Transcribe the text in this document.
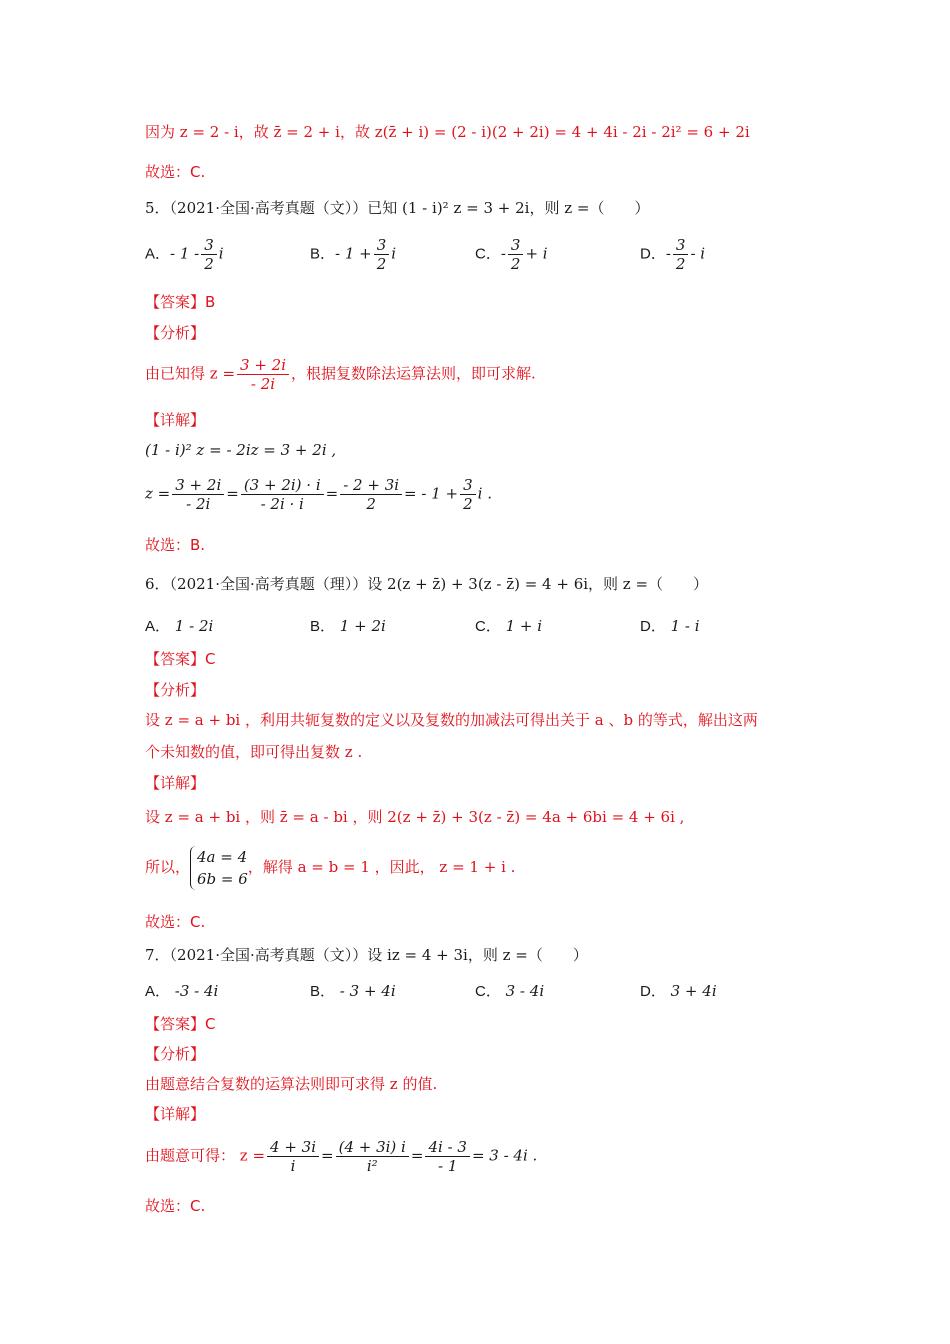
因为 z = 2 - i，故 z̄ = 2 + i，故 z(z̄ + i) = (2 - i)(2 + 2i) = 4 + 4i - 2i - 2i² = 6 + 2i
故选：C.
5．（2021·全国·高考真题（文））已知 (1 - i)² z = 3 + 2i，则 z =（　　）
A．- $1 - \frac{3}{2}$ i	B．- $1 + \frac{3}{2}$ i	C．- $\frac{3}{2} + i$	D．- $\frac{3}{2}$ - i
【答案】B
【分析】
由已知得 $z = \frac{3 + 2i}{- 2i}$ ，根据复数除法运算法则，即可求解.
【详解】
(1 - i)² z = - 2iz = 3 + 2i ,
$z = \frac{3 + 2i}{- 2i} = \frac{(3 + 2i) \cdot i}{- 2i \cdot i} = \frac{- 2 + 3i}{2}$ = - $1 + \frac{3}{2}$ i .
故选：B.
6．（2021·全国·高考真题（理））设 2(z + z̄) + 3(z - z̄) = 4 + 6i，则 z =（　　）
A． 1 - 2i	B． 1 + 2i	C． 1 + i	D． 1 - i
【答案】C
【分析】
设 z = a + bi ，利用共轭复数的定义以及复数的加减法可得出关于 a 、b 的等式，解出这两
个未知数的值，即可得出复数 z .
【详解】
设 z = a + bi ，则 z̄ = a - bi ，则 2(z + z̄) + 3(z - z̄) = 4a + 6bi = 4 + 6i ,
所以，
4a = 4
6b = 6
，解得 a = b = 1 ，因此， z = 1 + i .
故选：C.
7．（2021·全国·高考真题（文））设 iz = 4 + 3i，则 z =（　　）
A． -3 - 4i	B． - 3 + 4i	C． 3 - 4i	D． 3 + 4i
【答案】C
【分析】
由题意结合复数的运算法则即可求得 z 的值.
【详解】
由题意可得： $z = \frac{4 + 3i}{i} = \frac{(4 + 3i) i}{\text{i²}} = \frac{4i - 3}{- 1} = 3 - 4i$ .
故选：C.
